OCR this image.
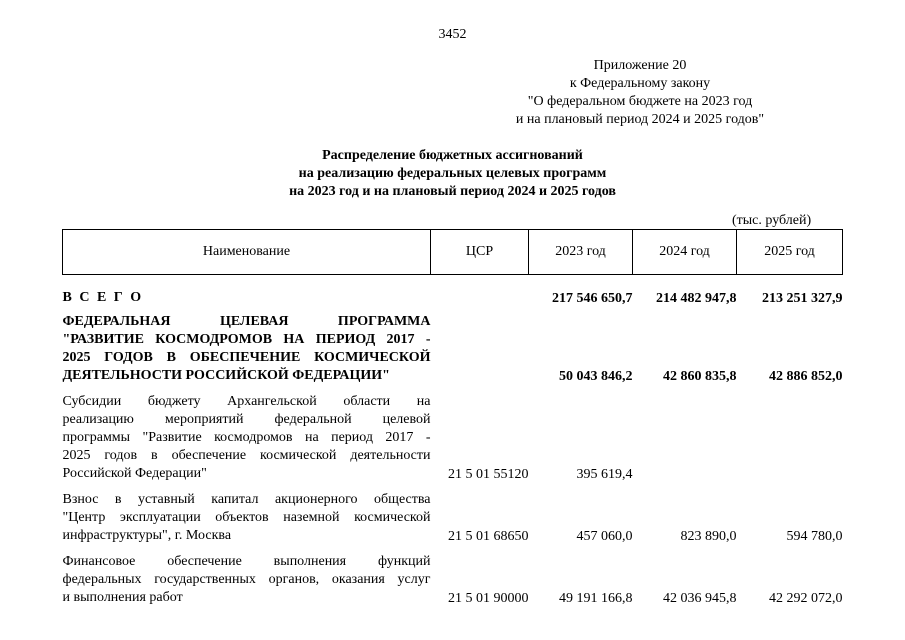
3452
Приложение 20
к Федеральному закону
"О федеральном бюджете на 2023 год
и на плановый период 2024 и 2025 годов"
Распределение бюджетных ассигнований
на реализацию федеральных целевых программ
на 2023 год и на плановый период 2024 и 2025 годов
(тыс. рублей)
Наименование	ЦСР	2023 год	2024 год	2025 год

В С Е Г О		217 546 650,7	214 482 947,8	213 251 327,9

ФЕДЕРАЛЬНАЯ ЦЕЛЕВАЯ ПРОГРАММА
"РАЗВИТИЕ КОСМОДРОМОВ НА ПЕРИОД 2017 -
2025 ГОДОВ В ОБЕСПЕЧЕНИЕ КОСМИЧЕСКОЙ
ДЕЯТЕЛЬНОСТИ РОССИЙСКОЙ ФЕДЕРАЦИИ"		50 043 846,2	42 860 835,8	42 886 852,0

Субсидии бюджету Архангельской области на
реализацию мероприятий федеральной целевой
программы "Развитие космодромов на период 2017 -
2025 годов в обеспечение космической деятельности
Российской Федерации"	21 5 01 55120	395 619,4		

Взнос в уставный капитал акционерного общества
"Центр эксплуатации объектов наземной космической
инфраструктуры", г. Москва	21 5 01 68650	457 060,0	823 890,0	594 780,0

Финансовое обеспечение выполнения функций
федеральных государственных органов, оказания услуг
и выполнения работ	21 5 01 90000	49 191 166,8	42 036 945,8	42 292 072,0
